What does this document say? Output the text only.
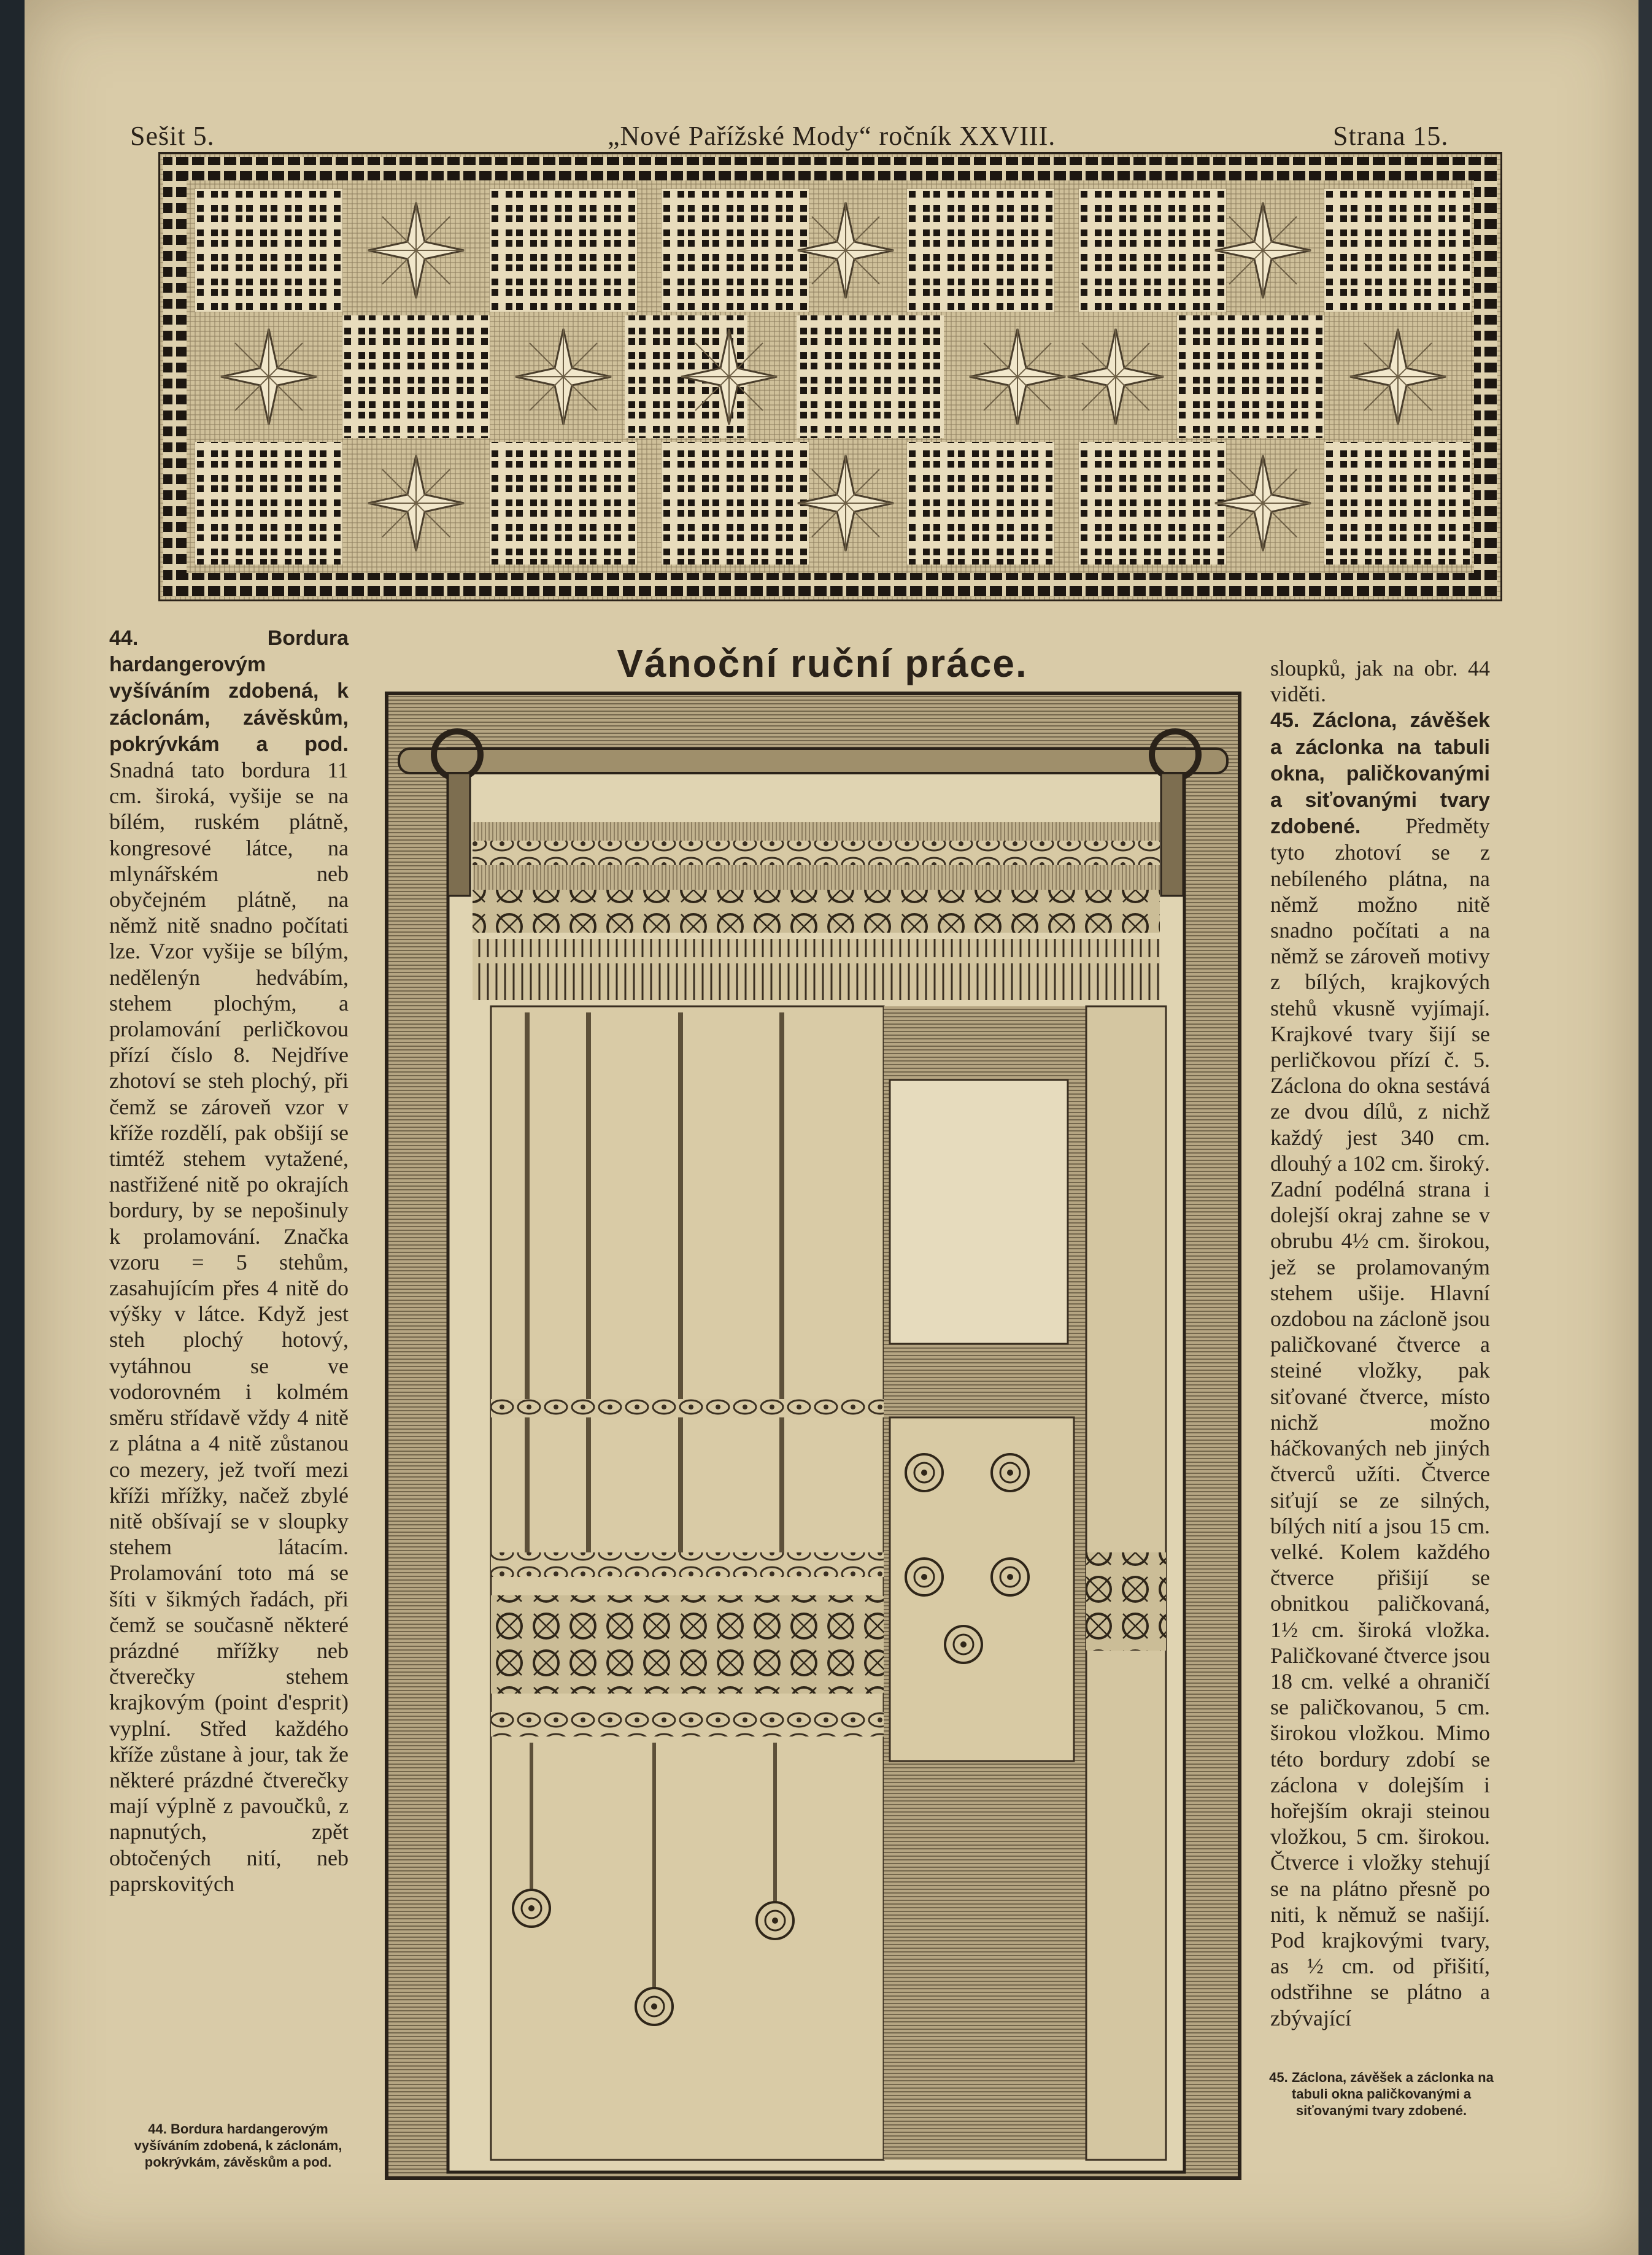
Sešit 5.	„Nové Pařížské Mody“ ročník XXVIII.	Strana 15.
Vánoční ruční práce.

44. Bordura hardangerovým vyšíváním zdobená, k záclonám, závěskům, pokrývkám a pod. Snadná tato bordura 11 cm. široká, vyšije se na bílém, ruském plátně, kongresové látce, na mlynářském neb obyčejném plátně, na němž nitě snadno počítati lze. Vzor vyšije se bílým, nedělenýn hedvábím, stehem plochým, a prolamování perličkovou přízí číslo 8. Nejdříve zhotoví se steh plochý, při čemž se zároveň vzor v kříže rozdělí, pak obšijí se timtéž stehem vytažené, nastřižené nitě po okrajích bordury, by se nepošinuly k prolamování. Značka vzoru = 5 stehům, zasahujícím přes 4 nitě do výšky v látce. Když jest steh plochý hotový, vytáhnou se ve vodorovném i kolmém směru střídavě vždy 4 nitě z plátna a 4 nitě zůstanou co mezery, jež tvoří mezi kříži mřížky, načež zbylé nitě obšívají se v sloupky stehem látacím. Prolamování toto má se šíti v šikmých řadách, při čemž se současně některé prázdné mřížky neb čtverečky stehem krajkovým (point d'esprit) vyplní. Střed každého kříže zůstane à jour, tak že některé prázdné čtverečky mají výplně z pavoučků, z napnutých, zpět obtočených nití, neb paprskovitých

sloupků, jak na obr. 44 viděti.
45. Záclona, závěšek a záclonka na tabuli okna, paličkovanými a siťovanými tvary zdobené. Předměty tyto zhotoví se z nebíleného plátna, na němž možno nitě snadno počítati a na němž se zároveň motivy z bílých, krajkových stehů vkusně vyjímají. Krajkové tvary šijí se perličkovou přízí č. 5. Záclona do okna sestává ze dvou dílů, z nichž každý jest 340 cm. dlouhý a 102 cm. široký. Zadní podélná strana i dolejší okraj zahne se v obrubu 4½ cm. širokou, jež se prolamovaným stehem ušije. Hlavní ozdobou na záclonĕ jsou paličkované čtverce a steiné vložky, pak siťované čtverce, místo nichž možno háčkovaných neb jiných čtverců užíti. Čtverce siťují se ze silných, bílých nití a jsou 15 cm. velké. Kolem každého čtverce přišijí se obnitkou paličkovaná, 1½ cm. široká vložka. Paličkované čtverce jsou 18 cm. velké a ohraničí se paličkovanou, 5 cm. širokou vložkou. Mimo této bordury zdobí se záclona v dolejším i hořejším okraji steinou vložkou, 5 cm. širokou. Čtverce i vložky stehují se na plátno přesně po niti, k němuž se našijí. Pod krajkovými tvary, as ½ cm. od přišití, odstřihne se plátno a zbývající

44. Bordura hardangerovým vyšíváním zdobená, k záclonám, pokrývkám, závěskům a pod.
45. Záclona, závěšek a záclonka na tabuli okna paličkovanými a siťovanými tvary zdobené.
